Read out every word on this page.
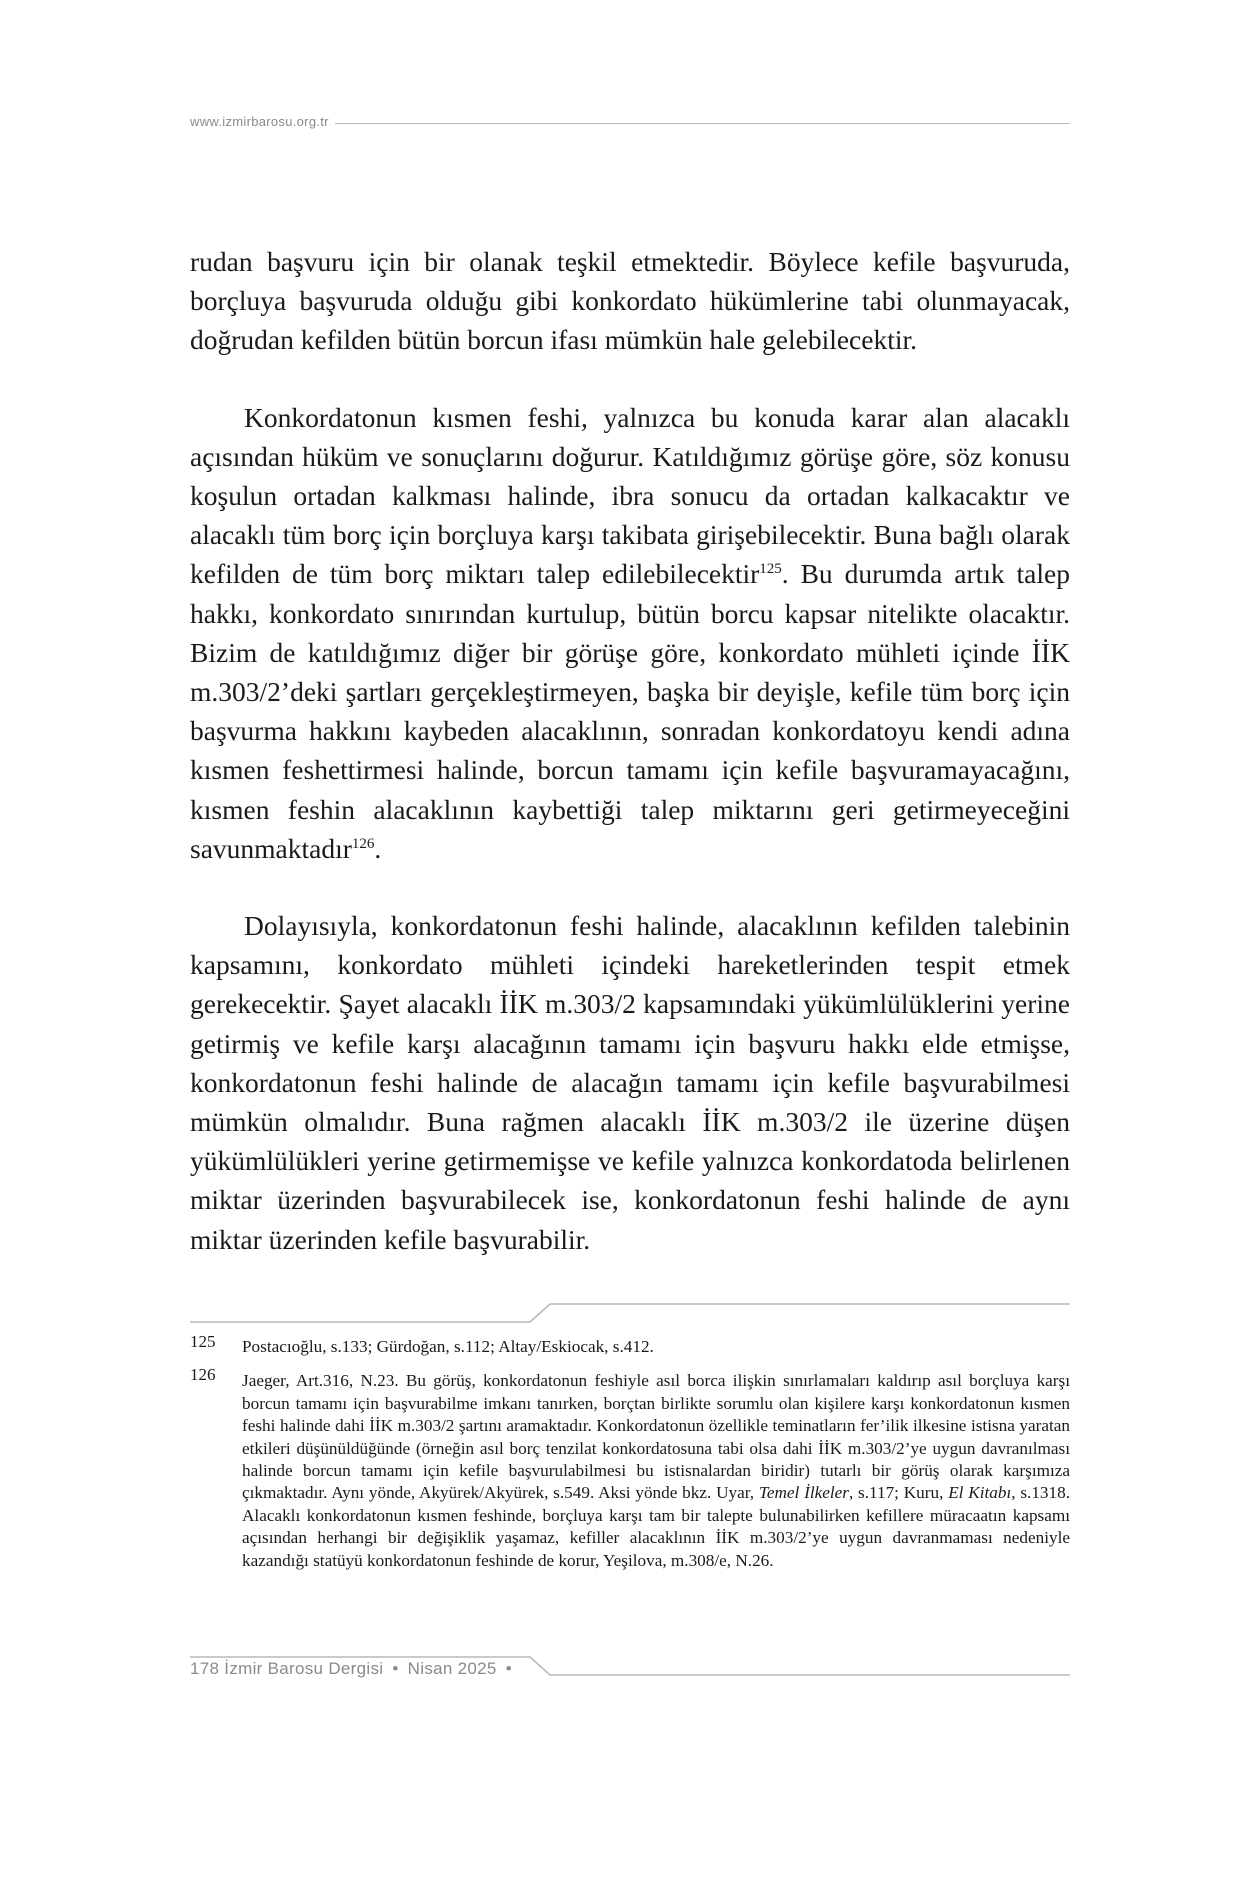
www.izmirbarosu.org.tr

rudan başvuru için bir olanak teşkil etmektedir. Böylece kefile başvuruda, borçluya başvuruda olduğu gibi konkordato hükümlerine tabi olunmayacak, doğrudan kefilden bütün borcun ifası mümkün hale gelebilecektir.

Konkordatonun kısmen feshi, yalnızca bu konuda karar alan alacaklı açısından hüküm ve sonuçlarını doğurur. Katıldığımız görüşe göre, söz konusu koşulun ortadan kalkması halinde, ibra sonucu da ortadan kalkacaktır ve alacaklı tüm borç için borçluya karşı takibata girişebilecektir. Buna bağlı olarak kefilden de tüm borç miktarı talep edilebilecektir$^{125}$. Bu durumda artık talep hakkı, konkordato sınırından kurtulup, bütün borcu kapsar nitelikte olacaktır. Bizim de katıldığımız diğer bir görüşe göre, konkordato mühleti içinde İİK m.303/2’deki şartları gerçekleştirmeyen, başka bir deyişle, kefile tüm borç için başvurma hakkını kaybeden alacaklının, sonradan konkordatoyu kendi adına kısmen feshettirmesi halinde, borcun tamamı için kefile başvuramayacağını, kısmen feshin alacaklının kaybettiği talep miktarını geri getirmeyeceğini savunmaktadır$^{126}$.

Dolayısıyla, konkordatonun feshi halinde, alacaklının kefilden talebinin kapsamını, konkordato mühleti içindeki hareketlerinden tespit etmek gerekecektir. Şayet alacaklı İİK m.303/2 kapsamındaki yükümlülüklerini yerine getirmiş ve kefile karşı alacağının tamamı için başvuru hakkı elde etmişse, konkordatonun feshi halinde de alacağın tamamı için kefile başvurabilmesi mümkün olmalıdır. Buna rağmen alacaklı İİK m.303/2 ile üzerine düşen yükümlülükleri yerine getirmemişse ve kefile yalnızca konkordatoda belirlenen miktar üzerinden başvurabilecek ise, konkordatonun feshi halinde de aynı miktar üzerinden kefile başvurabilir.

125 Postacıoğlu, s.133; Gürdoğan, s.112; Altay/Eskiocak, s.412.
126 Jaeger, Art.316, N.23. Bu görüş, konkordatonun feshiyle asıl borca ilişkin sınırlamaları kaldırıp asıl borçluya karşı borcun tamamı için başvurabilme imkanı tanırken, borçtan birlikte sorumlu olan kişilere karşı konkordatonun kısmen feshi halinde dahi İİK m.303/2 şartını aramaktadır. Konkordatonun özellikle teminatların fer’ilik ilkesine istisna yaratan etkileri düşünüldüğünde (örneğin asıl borç tenzilat konkordatosuna tabi olsa dahi İİK m.303/2’ye uygun davranılması halinde borcun tamamı için kefile başvurulabilmesi bu istisnalardan biridir) tutarlı bir görüş olarak karşımıza çıkmaktadır. Aynı yönde, Akyürek/Akyürek, s.549. Aksi yönde bkz. Uyar, Temel İlkeler, s.117; Kuru, El Kitabı, s.1318. Alacaklı konkordatonun kısmen feshinde, borçluya karşı tam bir talepte bulunabilirken kefillere müracaatın kapsamı açısından herhangi bir değişiklik yaşamaz, kefiller alacaklının İİK m.303/2’ye uygun davranmaması nedeniyle kazandığı statüyü konkordatonun feshinde de korur, Yeşilova, m.308/e, N.26.
178 İzmir Barosu Dergisi • Nisan 2025 •
